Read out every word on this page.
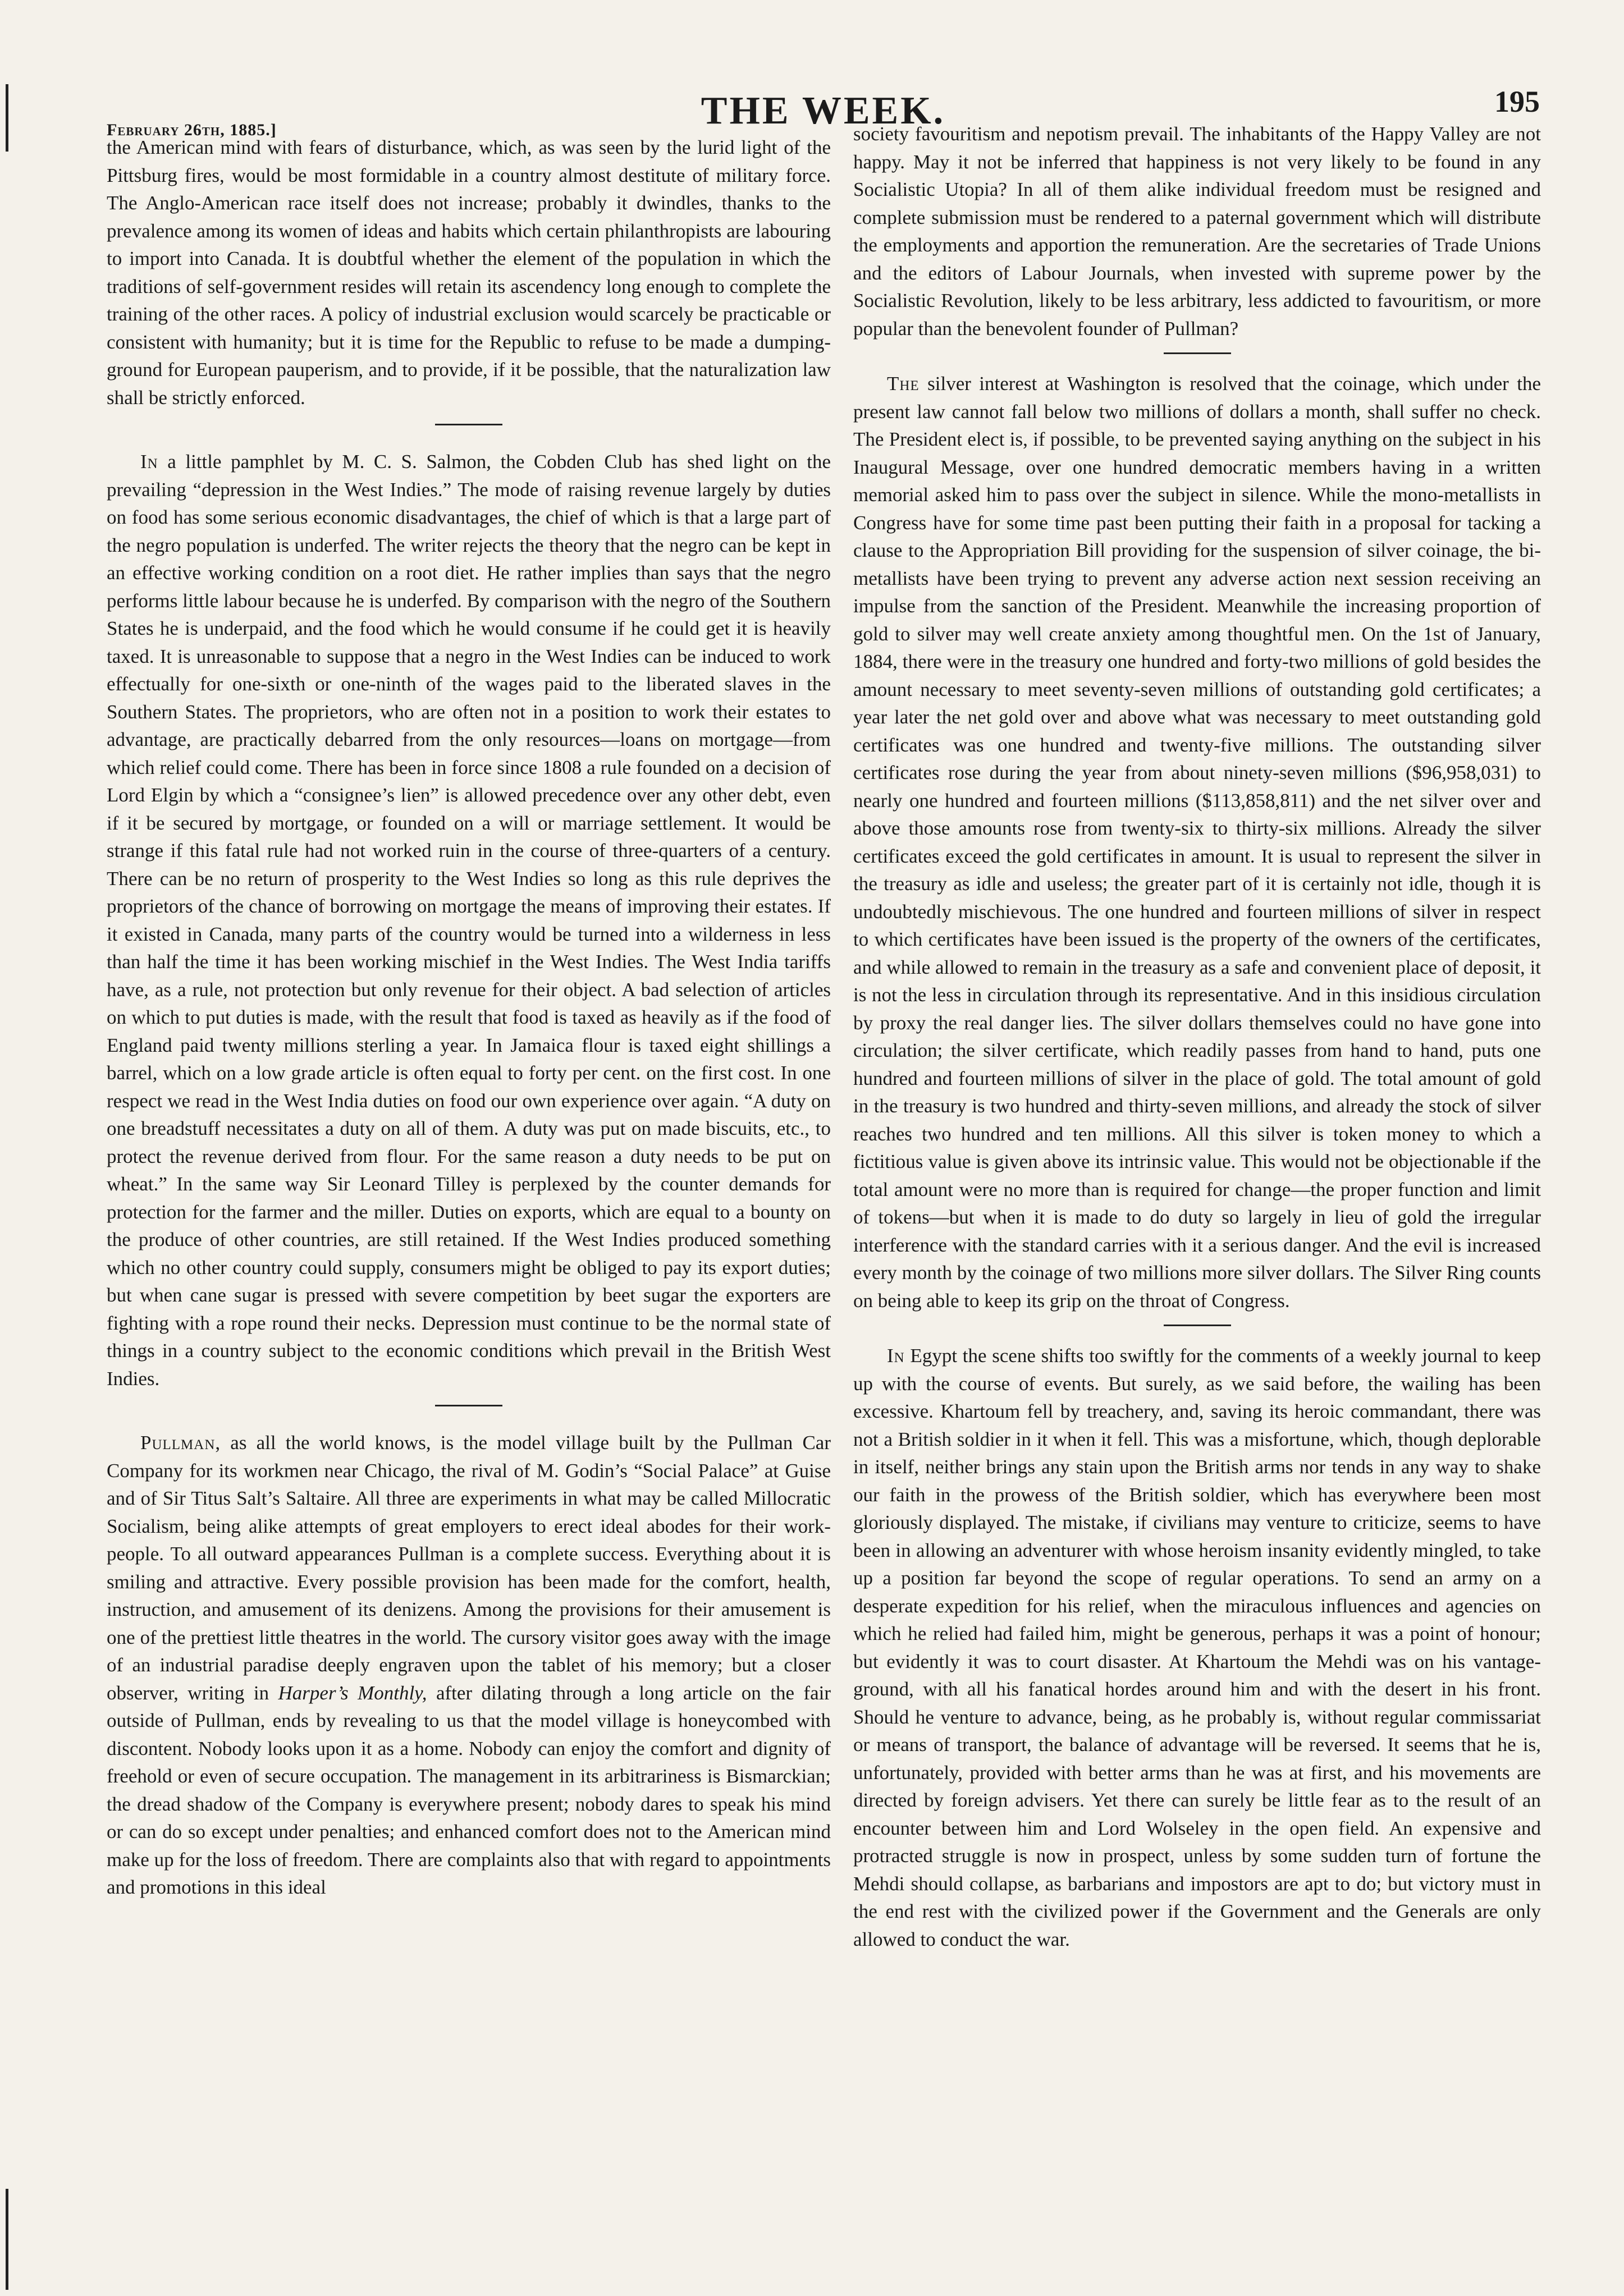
February 26th, 1885.]	THE WEEK.	195

the American mind with fears of disturbance, which, as was seen by the lurid light of the Pittsburg fires, would be most formidable in a country almost destitute of military force. The Anglo-American race itself does not increase; probably it dwindles, thanks to the prevalence among its women of ideas and habits which certain philanthropists are labouring to import into Canada. It is doubtful whether the element of the population in which the traditions of self-government resides will retain its ascendency long enough to complete the training of the other races. A policy of industrial exclusion would scarcely be practicable or consistent with humanity; but it is time for the Republic to refuse to be made a dumping-ground for European pauperism, and to provide, if it be possible, that the naturalization law shall be strictly enforced.

In a little pamphlet by M. C. S. Salmon, the Cobden Club has shed light on the prevailing “depression in the West Indies.” The mode of raising revenue largely by duties on food has some serious economic disadvantages, the chief of which is that a large part of the negro population is underfed. The writer rejects the theory that the negro can be kept in an effective working condition on a root diet. He rather implies than says that the negro performs little labour because he is underfed. By comparison with the negro of the Southern States he is underpaid, and the food which he would consume if he could get it is heavily taxed. It is unreasonable to suppose that a negro in the West Indies can be induced to work effectually for one-sixth or one-ninth of the wages paid to the liberated slaves in the Southern States. The proprietors, who are often not in a position to work their estates to advantage, are practically debarred from the only resources—loans on mortgage—from which relief could come. There has been in force since 1808 a rule founded on a decision of Lord Elgin by which a “consignee’s lien” is allowed precedence over any other debt, even if it be secured by mortgage, or founded on a will or marriage settlement. It would be strange if this fatal rule had not worked ruin in the course of three-quarters of a century. There can be no return of prosperity to the West Indies so long as this rule deprives the proprietors of the chance of borrowing on mortgage the means of improving their estates. If it existed in Canada, many parts of the country would be turned into a wilderness in less than half the time it has been working mischief in the West Indies. The West India tariffs have, as a rule, not protection but only revenue for their object. A bad selection of articles on which to put duties is made, with the result that food is taxed as heavily as if the food of England paid twenty millions sterling a year. In Jamaica flour is taxed eight shillings a barrel, which on a low grade article is often equal to forty per cent. on the first cost. In one respect we read in the West India duties on food our own experience over again. “A duty on one breadstuff necessitates a duty on all of them. A duty was put on made biscuits, etc., to protect the revenue derived from flour. For the same reason a duty needs to be put on wheat.” In the same way Sir Leonard Tilley is perplexed by the counter demands for protection for the farmer and the miller. Duties on exports, which are equal to a bounty on the produce of other countries, are still retained. If the West Indies produced something which no other country could supply, consumers might be obliged to pay its export duties; but when cane sugar is pressed with severe competition by beet sugar the exporters are fighting with a rope round their necks. Depression must continue to be the normal state of things in a country subject to the economic conditions which prevail in the British West Indies.

Pullman, as all the world knows, is the model village built by the Pullman Car Company for its workmen near Chicago, the rival of M. Godin’s “Social Palace” at Guise and of Sir Titus Salt’s Saltaire. All three are experiments in what may be called Millocratic Socialism, being alike attempts of great employers to erect ideal abodes for their work-people. To all outward appearances Pullman is a complete success. Everything about it is smiling and attractive. Every possible provision has been made for the comfort, health, instruction, and amusement of its denizens. Among the provisions for their amusement is one of the prettiest little theatres in the world. The cursory visitor goes away with the image of an industrial paradise deeply engraven upon the tablet of his memory; but a closer observer, writing in Harper’s Monthly, after dilating through a long article on the fair outside of Pullman, ends by revealing to us that the model village is honeycombed with discontent. Nobody looks upon it as a home. Nobody can enjoy the comfort and dignity of freehold or even of secure occupation. The management in its arbitrariness is Bismarckian; the dread shadow of the Company is everywhere present; nobody dares to speak his mind or can do so except under penalties; and enhanced comfort does not to the American mind make up for the loss of freedom. There are complaints also that with regard to appointments and promotions in this ideal

society favouritism and nepotism prevail. The inhabitants of the Happy Valley are not happy. May it not be inferred that happiness is not very likely to be found in any Socialistic Utopia? In all of them alike individual freedom must be resigned and complete submission must be rendered to a paternal government which will distribute the employments and apportion the remuneration. Are the secretaries of Trade Unions and the editors of Labour Journals, when invested with supreme power by the Socialistic Revolution, likely to be less arbitrary, less addicted to favouritism, or more popular than the benevolent founder of Pullman?

The silver interest at Washington is resolved that the coinage, which under the present law cannot fall below two millions of dollars a month, shall suffer no check. The President elect is, if possible, to be prevented saying anything on the subject in his Inaugural Message, over one hundred democratic members having in a written memorial asked him to pass over the subject in silence. While the mono-metallists in Congress have for some time past been putting their faith in a proposal for tacking a clause to the Appropriation Bill providing for the suspension of silver coinage, the bi-metallists have been trying to prevent any adverse action next session receiving an impulse from the sanction of the President. Meanwhile the increasing proportion of gold to silver may well create anxiety among thoughtful men. On the 1st of January, 1884, there were in the treasury one hundred and forty-two millions of gold besides the amount necessary to meet seventy-seven millions of outstanding gold certificates; a year later the net gold over and above what was necessary to meet outstanding gold certificates was one hundred and twenty-five millions. The outstanding silver certificates rose during the year from about ninety-seven millions ($96,958,031) to nearly one hundred and fourteen millions ($113,858,811) and the net silver over and above those amounts rose from twenty-six to thirty-six millions. Already the silver certificates exceed the gold certificates in amount. It is usual to represent the silver in the treasury as idle and useless; the greater part of it is certainly not idle, though it is undoubtedly mischievous. The one hundred and fourteen millions of silver in respect to which certificates have been issued is the property of the owners of the certificates, and while allowed to remain in the treasury as a safe and convenient place of deposit, it is not the less in circulation through its representative. And in this insidious circulation by proxy the real danger lies. The silver dollars themselves could no have gone into circulation; the silver certificate, which readily passes from hand to hand, puts one hundred and fourteen millions of silver in the place of gold. The total amount of gold in the treasury is two hundred and thirty-seven millions, and already the stock of silver reaches two hundred and ten millions. All this silver is token money to which a fictitious value is given above its intrinsic value. This would not be objectionable if the total amount were no more than is required for change—the proper function and limit of tokens—but when it is made to do duty so largely in lieu of gold the irregular interference with the standard carries with it a serious danger. And the evil is increased every month by the coinage of two millions more silver dollars. The Silver Ring counts on being able to keep its grip on the throat of Congress.

In Egypt the scene shifts too swiftly for the comments of a weekly journal to keep up with the course of events. But surely, as we said before, the wailing has been excessive. Khartoum fell by treachery, and, saving its heroic commandant, there was not a British soldier in it when it fell. This was a misfortune, which, though deplorable in itself, neither brings any stain upon the British arms nor tends in any way to shake our faith in the prowess of the British soldier, which has everywhere been most gloriously displayed. The mistake, if civilians may venture to criticize, seems to have been in allowing an adventurer with whose heroism insanity evidently mingled, to take up a position far beyond the scope of regular operations. To send an army on a desperate expedition for his relief, when the miraculous influences and agencies on which he relied had failed him, might be generous, perhaps it was a point of honour; but evidently it was to court disaster. At Khartoum the Mehdi was on his vantage-ground, with all his fanatical hordes around him and with the desert in his front. Should he venture to advance, being, as he probably is, without regular commissariat or means of transport, the balance of advantage will be reversed. It seems that he is, unfortunately, provided with better arms than he was at first, and his movements are directed by foreign advisers. Yet there can surely be little fear as to the result of an encounter between him and Lord Wolseley in the open field. An expensive and protracted struggle is now in prospect, unless by some sudden turn of fortune the Mehdi should collapse, as barbarians and impostors are apt to do; but victory must in the end rest with the civilized power if the Government and the Generals are only allowed to conduct the war.
